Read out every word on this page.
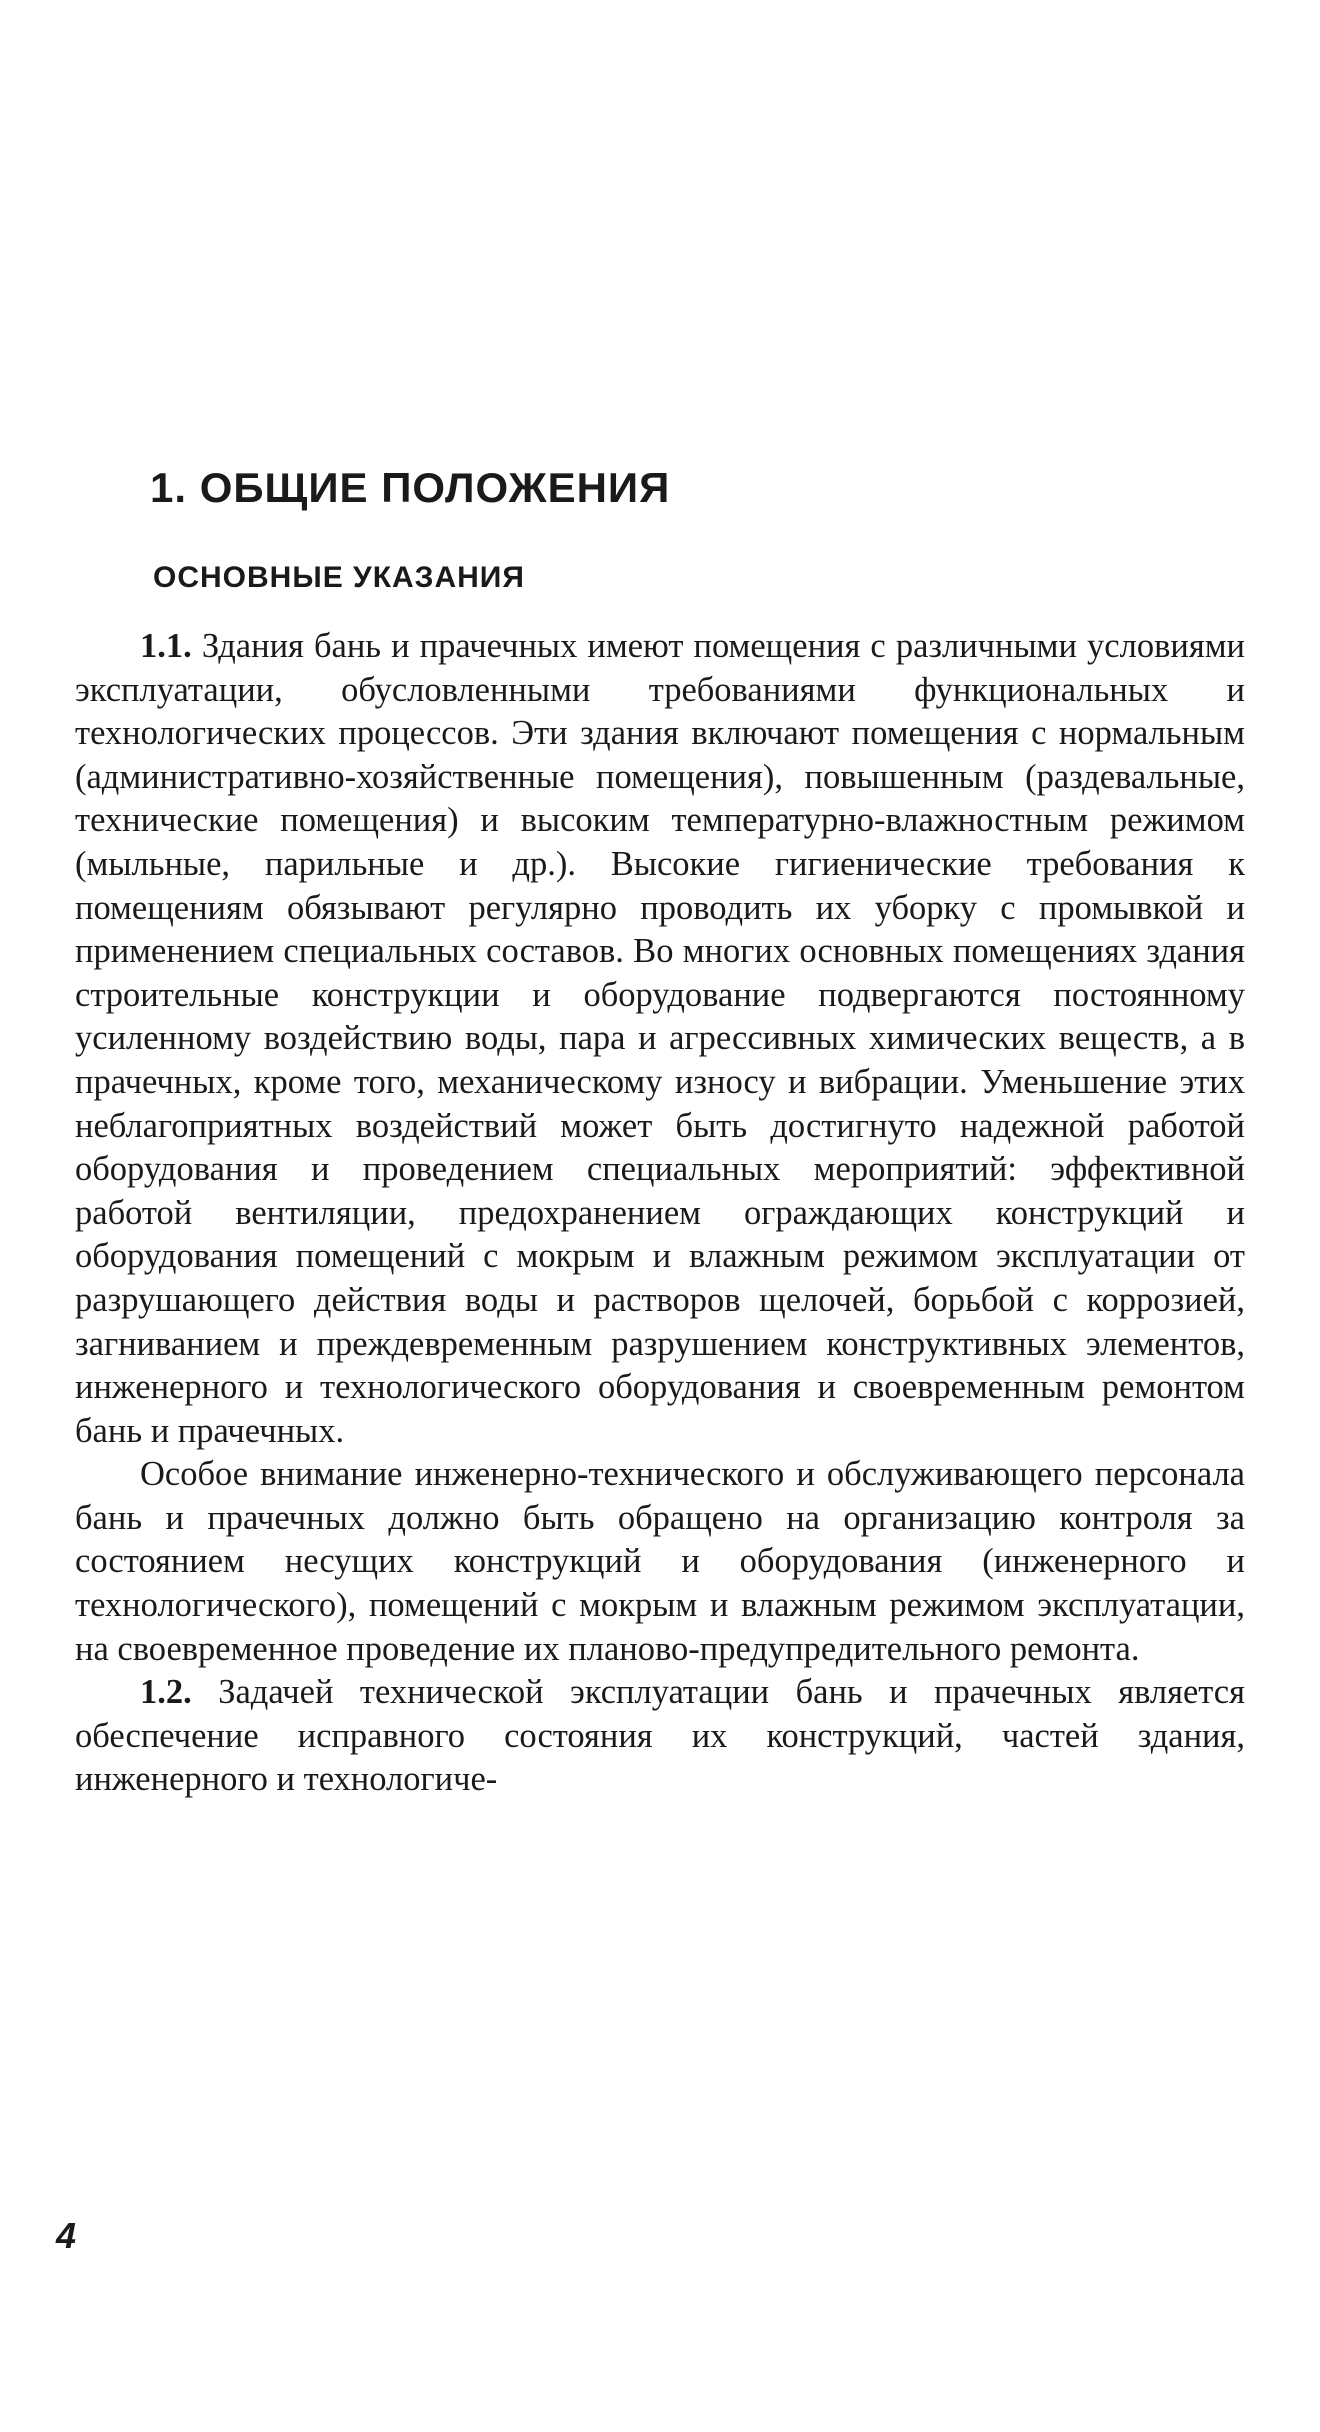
1. ОБЩИЕ ПОЛОЖЕНИЯ
ОСНОВНЫЕ УКАЗАНИЯ

1.1. Здания бань и прачечных имеют помещения с различными условиями эксплуатации, обусловленными требованиями функциональных и технологических процессов. Эти здания включают помещения с нормальным (административно-хозяйственные помещения), повышенным (раздевальные, технические помещения) и высоким температурно-влажностным режимом (мыльные, парильные и др.). Высокие гигиенические требования к помещениям обязывают регулярно проводить их уборку с промывкой и применением специальных составов. Во многих основных помещениях здания строительные конструкции и оборудование подвергаются постоянному усиленному воздействию воды, пара и агрессивных химических веществ, а в прачечных, кроме того, механическому износу и вибрации. Уменьшение этих неблагоприятных воздействий может быть достигнуто надежной работой оборудования и проведением специальных мероприятий: эффективной работой вентиляции, предохранением ограждающих конструкций и оборудования помещений с мокрым и влажным режимом эксплуатации от разрушающего действия воды и растворов щелочей, борьбой с коррозией, загниванием и преждевременным разрушением конструктивных элементов, инженерного и технологического оборудования и своевременным ремонтом бань и прачечных.

Особое внимание инженерно-технического и обслуживающего персонала бань и прачечных должно быть обращено на организацию контроля за состоянием несущих конструкций и оборудования (инженерного и технологического), помещений с мокрым и влажным режимом эксплуатации, на своевременное проведение их планово-предупредительного ремонта.

1.2. Задачей технической эксплуатации бань и прачечных является обеспечение исправного состояния их конструкций, частей здания, инженерного и технологиче-

4
